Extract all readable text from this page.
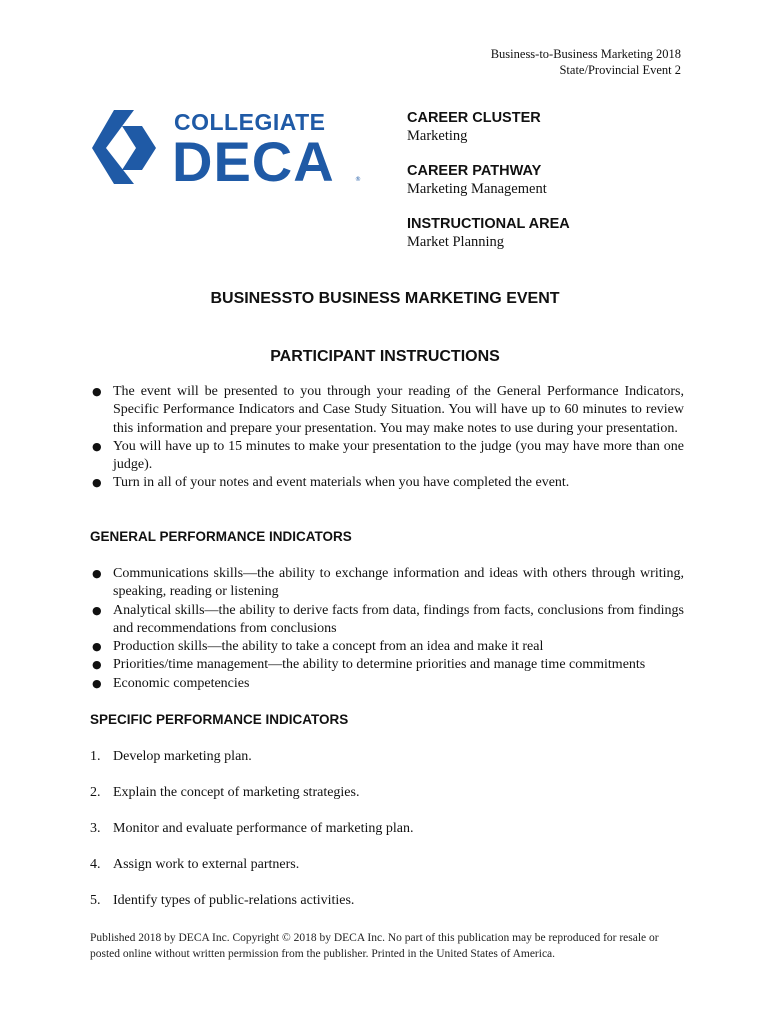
Business-to-Business Marketing 2018
State/Provincial Event 2
COLLEGIATE
DECA	®
CAREER CLUSTER
Marketing
CAREER PATHWAY
Marketing Management
INSTRUCTIONAL AREA
Market Planning
BUSINESSTO BUSINESS MARKETING EVENT
PARTICIPANT INSTRUCTIONS
● The event will be presented to you through your reading of the General Performance Indicators, Specific Performance Indicators and Case Study Situation. You will have up to 60 minutes to review this information and prepare your presentation. You may make notes to use during your presentation.
● You will have up to 15 minutes to make your presentation to the judge (you may have more than one judge).
● Turn in all of your notes and event materials when you have completed the event.
GENERAL PERFORMANCE INDICATORS
● Communications skills—the ability to exchange information and ideas with others through writing, speaking, reading or listening
● Analytical skills—the ability to derive facts from data, findings from facts, conclusions from findings and recommendations from conclusions
● Production skills—the ability to take a concept from an idea and make it real
● Priorities/time management—the ability to determine priorities and manage time commitments
● Economic competencies
SPECIFIC PERFORMANCE INDICATORS
1. Develop marketing plan.
2. Explain the concept of marketing strategies.
3. Monitor and evaluate performance of marketing plan.
4. Assign work to external partners.
5. Identify types of public-relations activities.
Published 2018 by DECA Inc. Copyright © 2018 by DECA Inc. No part of this publication may be reproduced for resale or posted online without written permission from the publisher. Printed in the United States of America.
